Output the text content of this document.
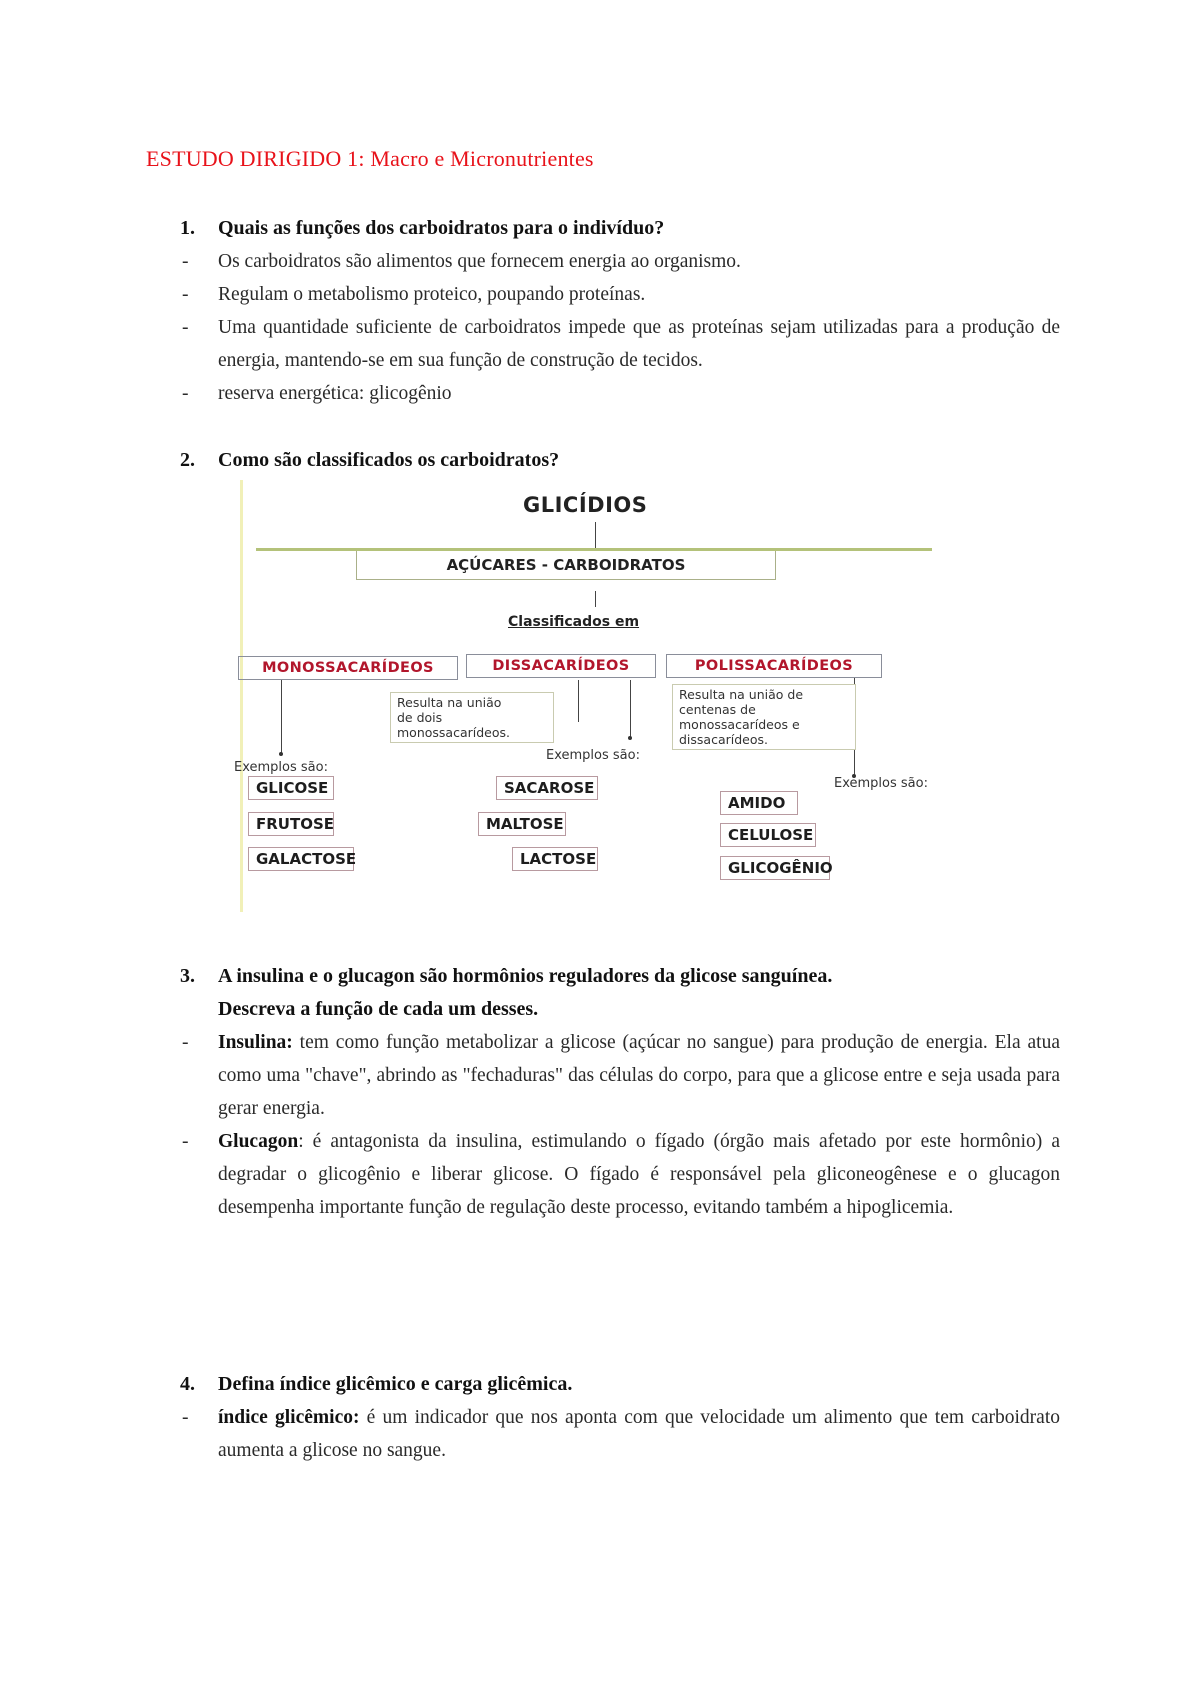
ESTUDO DIRIGIDO 1: Macro e Micronutrientes
1. Quais as funções dos carboidratos para o indivíduo?
- Os carboidratos são alimentos que fornecem energia ao organismo.
- Regulam o metabolismo proteico, poupando proteínas.
- Uma quantidade suficiente de carboidratos impede que as proteínas sejam utilizadas para a produção de energia, mantendo-se em sua função de construção de tecidos.
- reserva energética: glicogênio
2. Como são classificados os carboidratos?
GLICÍDIOS
AÇÚCARES - CARBOIDRATOS
Classificados em
MONOSSACARÍDEOS	DISSACARÍDEOS	POLISSACARÍDEOS
Resulta na união
de dois
monossacarídeos.
Resulta na união de
centenas de
monossacarídeos e
dissacarídeos.
Exemplos são:
Exemplos são:
Exemplos são:
GLICOSE
FRUTOSE
GALACTOSE
SACAROSE
MALTOSE
LACTOSE
AMIDO
CELULOSE
GLICOGÊNIO
3. A insulina e o glucagon são hormônios reguladores da glicose sanguínea.
Descreva a função de cada um desses.
- Insulina: tem como função metabolizar a glicose (açúcar no sangue) para produção de energia. Ela atua como uma "chave", abrindo as "fechaduras" das células do corpo, para que a glicose entre e seja usada para gerar energia.
- Glucagon: é antagonista da insulina, estimulando o fígado (órgão mais afetado por este hormônio) a degradar o glicogênio e liberar glicose. O fígado é responsável pela gliconeogênese e o glucagon desempenha importante função de regulação deste processo, evitando também a hipoglicemia.
4. Defina índice glicêmico e carga glicêmica.
- índice glicêmico: é um indicador que nos aponta com que velocidade um alimento que tem carboidrato aumenta a glicose no sangue.
